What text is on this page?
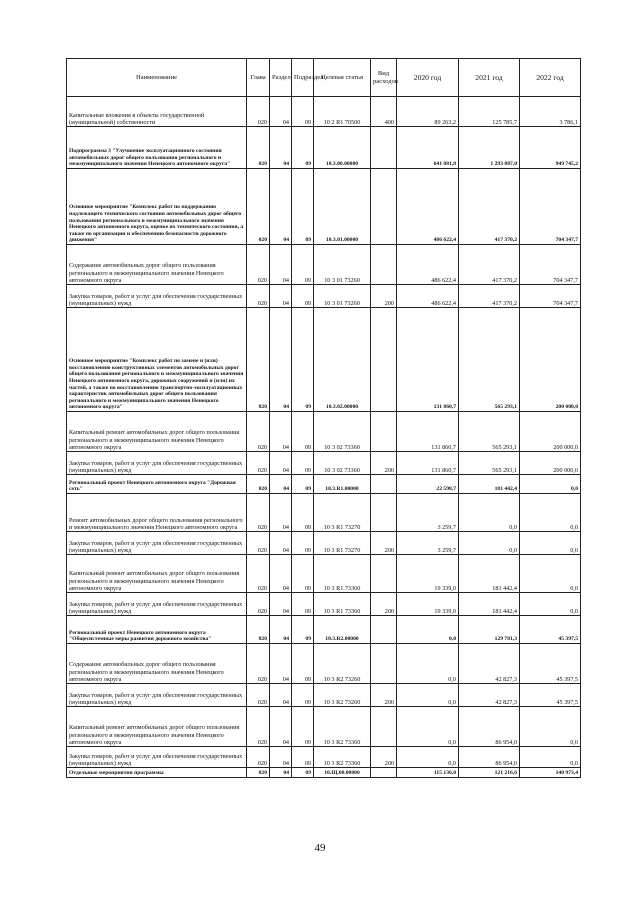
Наименование	Глава	Раздел	Подраздел	Целевая статья	Вид расходов	2020 год	2021 год	2022 год
Капитальные вложения в объекты государственной (муниципальной) собственности	020	04	09	10 2 R1 70500	400	89 263,2	125 785,7	3 786,1
Подпрограмма 3 "Улучшение эксплуатационного состояния автомобильных дорог общего пользования регионального и межмуниципального значения Ненецкого автономного округа"	020	04	09	10.3.00.00000		641 081,8	1 293 887,0	949 745,2
Основное мероприятие "Комплекс работ по поддержанию надлежащего технического состояния автомобильных дорог общего пользования регионального и межмуниципального значения Ненецкого автономного округа, оценке их технического состояния, а также по организации и обеспечению безопасности дорожного движения"	020	04	09	10.3.01.00000		486 622,4	417 370,2	704 347,7
Содержание автомобильных дорог общего пользования регионального и межмуниципального значения Ненецкого автономного округа	020	04	09	10 3 01 73260		486 622,4	417 370,2	704 347,7
Закупка товаров, работ и услуг для обеспечения государственных (муниципальных) нужд	020	04	09	10 3 01 73260	200	486 622,4	417 370,2	704 347,7
Основное мероприятие "Комплекс работ по замене и (или) восстановлению конструктивных элементов автомобильных дорог общего пользования регионального и межмуниципального значения Ненецкого автономного округа, дорожных сооружений и (или) их частей, а также по восстановлению транспортно-эксплуатационных характеристик автомобильных дорог общего пользования регионального и межмуниципального значения Ненецкого автономного округа"	020	04	09	10.3.02.00000		131 860,7	565 293,1	200 000,0
Капитальный ремонт автомобильных дорог общего пользования регионального и межмуниципального значения Ненецкого автономного округа	020	04	09	10 3 02 73360		131 860,7	565 293,1	200 000,0
Закупка товаров, работ и услуг для обеспечения государственных (муниципальных) нужд	020	04	09	10 3 02 73360	200	131 860,7	565 293,1	200 000,0
Региональный проект Ненецкого автономного округа "Дорожная сеть"	020	04	09	10.3.R1.00000		22 598,7	181 442,4	0,0
Ремонт автомобильных дорог общего пользования регионального и межмуниципального значения Ненецкого автономного округа	020	04	09	10 3 R1 73270		3 259,7	0,0	0,0
Закупка товаров, работ и услуг для обеспечения государственных (муниципальных) нужд	020	04	09	10 3 R1 73270	200	3 259,7	0,0	0,0
Капитальный ремонт автомобильных дорог общего пользования регионального и межмуниципального значения Ненецкого автономного округа	020	04	09	10 3 R1 73360		19 339,0	181 442,4	0,0
Закупка товаров, работ и услуг для обеспечения государственных (муниципальных) нужд	020	04	09	10 3 R1 73360	200	19 339,0	181 442,4	0,0
Региональный проект Ненецкого автономного округа "Общесистемные меры развития дорожного хозяйства"	020	04	09	10.3.R2.00000		0,0	129 781,3	45 397,5
Содержание автомобильных дорог общего пользования регионального и межмуниципального значения Ненецкого автономного округа	020	04	09	10 3 R2 73260		0,0	42 827,3	45 397,5
Закупка товаров, работ и услуг для обеспечения государственных (муниципальных) нужд	020	04	09	10 3 R2 73260	200	0,0	42 827,3	45 397,5
Капитальный ремонт автомобильных дорог общего пользования регионального и межмуниципального значения Ненецкого автономного округа	020	04	09	10 3 R2 73360		0,0	86 954,0	0,0
Закупка товаров, работ и услуг для обеспечения государственных (муниципальных) нужд	020	04	09	10 3 R2 73360	200	0,0	86 954,0	0,0
Отдельные мероприятия программы	020	04	09	10.Щ.00.00000		115 136,0	121 216,6	140 973,4
49
